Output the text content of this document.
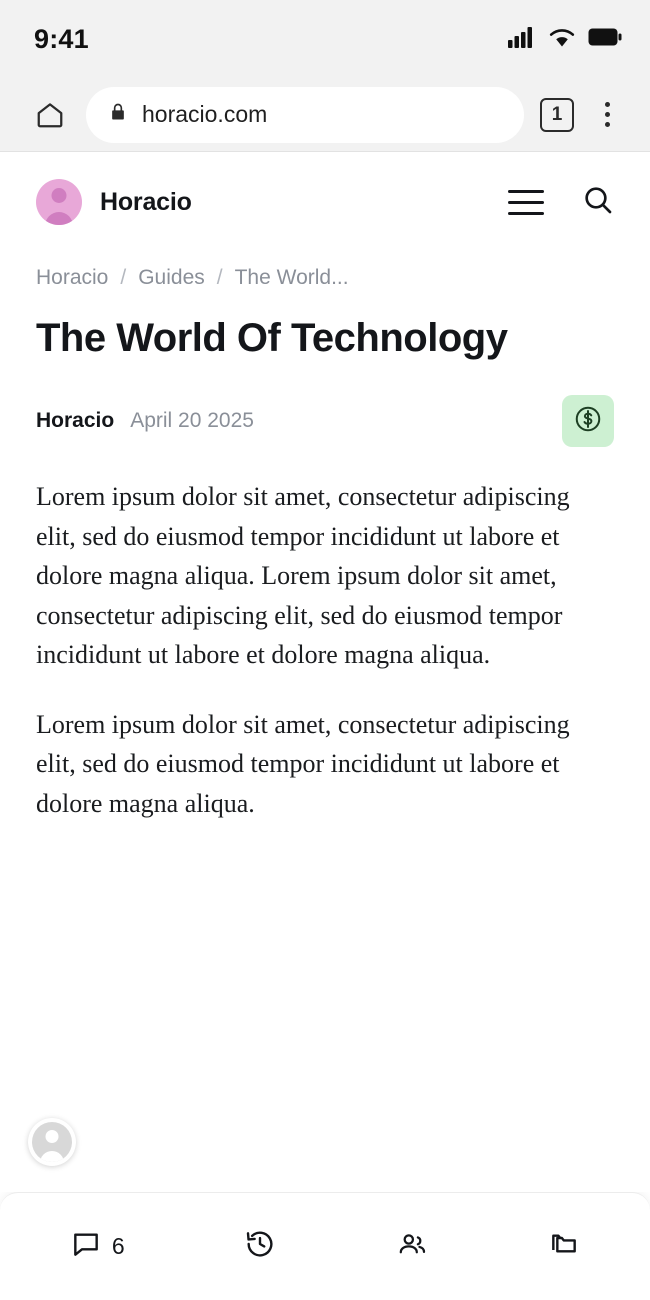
9:41
horacio.com	1
Horacio
Horacio / Guides / The World...
The World Of Technology
Horacio April 20 2025

Lorem ipsum dolor sit amet, consectetur adipiscing elit, sed do eiusmod tempor incididunt ut labore et dolore magna aliqua. Lorem ipsum dolor sit amet, consectetur adipiscing elit, sed do eiusmod tempor incididunt ut labore et dolore magna aliqua.

Lorem ipsum dolor sit amet, consectetur adipiscing elit, sed do eiusmod tempor incididunt ut labore et dolore magna aliqua.

6
